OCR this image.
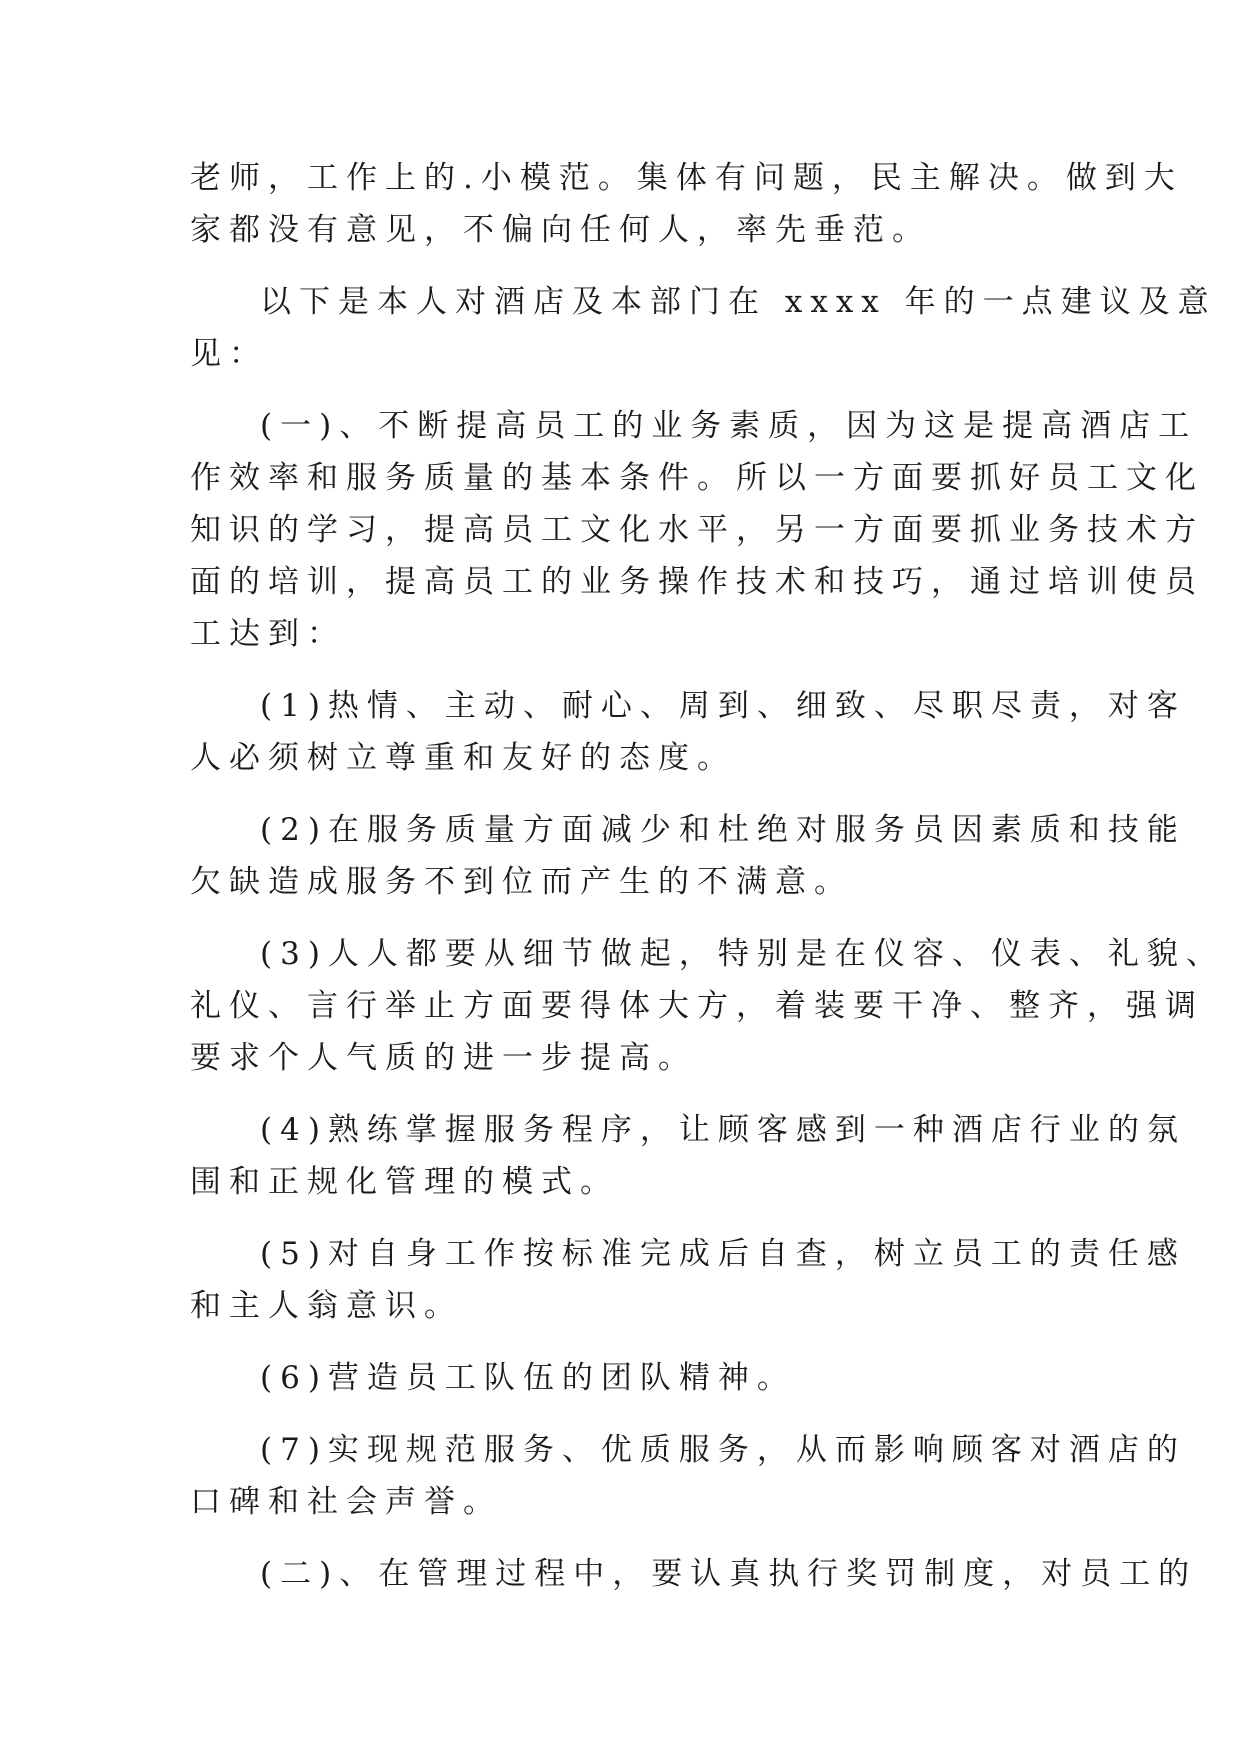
老师，工作上的.小模范。集体有问题，民主解决。做到大
家都没有意见，不偏向任何人，率先垂范。
以下是本人对酒店及本部门在 xxxx 年的一点建议及意
见：
(一)、不断提高员工的业务素质，因为这是提高酒店工
作效率和服务质量的基本条件。所以一方面要抓好员工文化
知识的学习，提高员工文化水平，另一方面要抓业务技术方
面的培训，提高员工的业务操作技术和技巧，通过培训使员
工达到：
(1)热情、主动、耐心、周到、细致、尽职尽责，对客
人必须树立尊重和友好的态度。
(2)在服务质量方面减少和杜绝对服务员因素质和技能
欠缺造成服务不到位而产生的不满意。
(3)人人都要从细节做起，特别是在仪容、仪表、礼貌、
礼仪、言行举止方面要得体大方，着装要干净、整齐，强调
要求个人气质的进一步提高。
(4)熟练掌握服务程序，让顾客感到一种酒店行业的氛
围和正规化管理的模式。
(5)对自身工作按标准完成后自查，树立员工的责任感
和主人翁意识。
(6)营造员工队伍的团队精神。
(7)实现规范服务、优质服务，从而影响顾客对酒店的
口碑和社会声誉。
(二)、在管理过程中，要认真执行奖罚制度，对员工的
